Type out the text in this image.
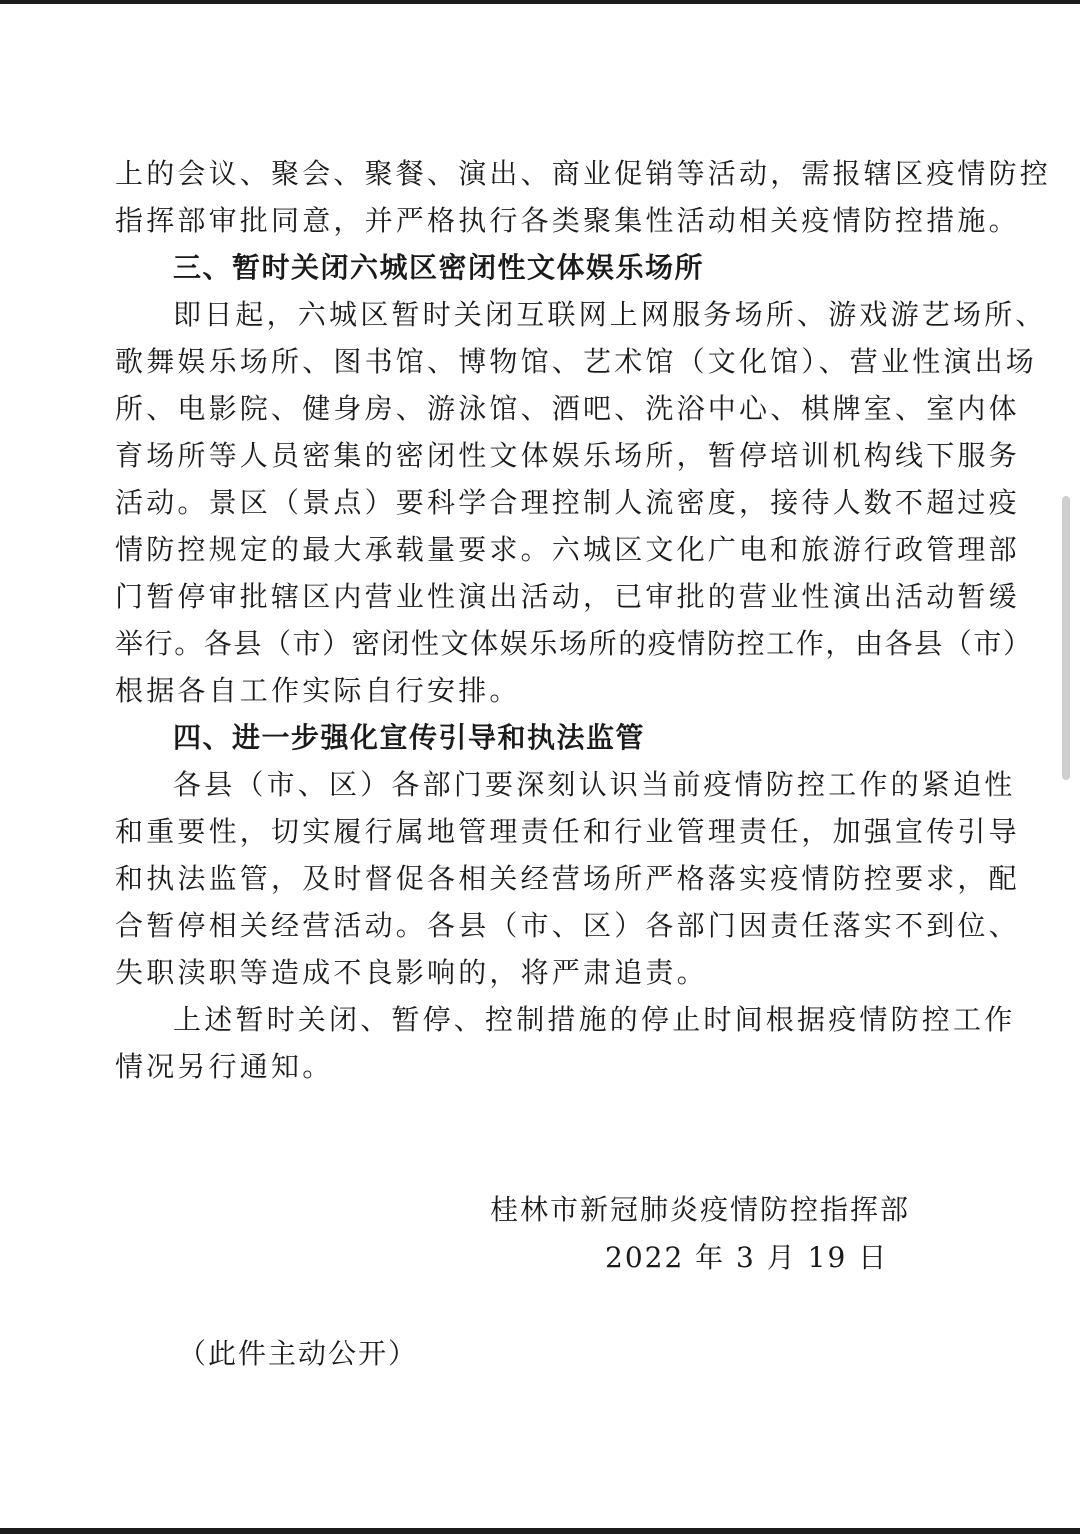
上的会议、聚会、聚餐、演出、商业促销等活动，需报辖区疫情防控
指挥部审批同意，并严格执行各类聚集性活动相关疫情防控措施。
三、暂时关闭六城区密闭性文体娱乐场所
即日起，六城区暂时关闭互联网上网服务场所、游戏游艺场所、
歌舞娱乐场所、图书馆、博物馆、艺术馆（文化馆）、营业性演出场
所、电影院、健身房、游泳馆、酒吧、洗浴中心、棋牌室、室内体
育场所等人员密集的密闭性文体娱乐场所，暂停培训机构线下服务
活动。景区（景点）要科学合理控制人流密度，接待人数不超过疫
情防控规定的最大承载量要求。六城区文化广电和旅游行政管理部
门暂停审批辖区内营业性演出活动，已审批的营业性演出活动暂缓
举行。各县（市）密闭性文体娱乐场所的疫情防控工作，由各县（市）
根据各自工作实际自行安排。
四、进一步强化宣传引导和执法监管
各县（市、区）各部门要深刻认识当前疫情防控工作的紧迫性
和重要性，切实履行属地管理责任和行业管理责任，加强宣传引导
和执法监管，及时督促各相关经营场所严格落实疫情防控要求，配
合暂停相关经营活动。各县（市、区）各部门因责任落实不到位、
失职渎职等造成不良影响的，将严肃追责。
上述暂时关闭、暂停、控制措施的停止时间根据疫情防控工作
情况另行通知。
桂林市新冠肺炎疫情防控指挥部
2022 年 3 月 19 日
（此件主动公开）
